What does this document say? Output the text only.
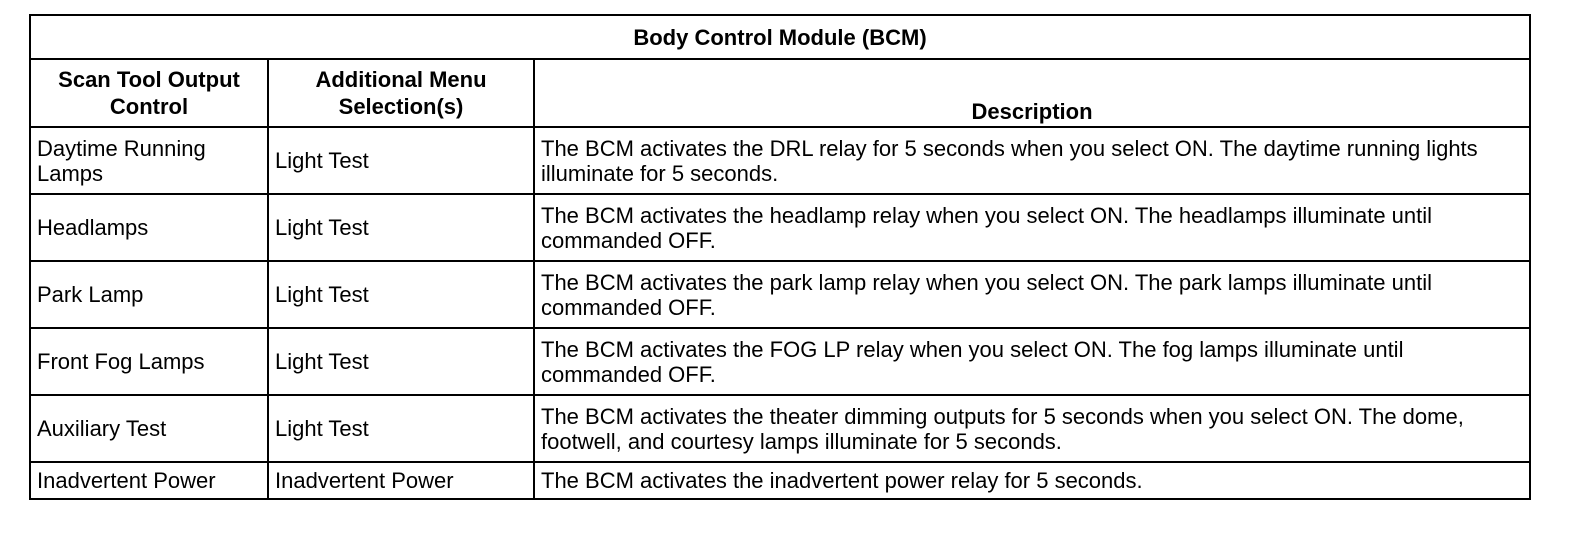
Body Control Module (BCM)		
Scan Tool Output Control	Additional Menu Selection(s)	Description
Daytime Running Lamps	Light Test	The BCM activates the DRL relay for 5 seconds when you select ON. The daytime running lights illuminate for 5 seconds.
Headlamps	Light Test	The BCM activates the headlamp relay when you select ON. The headlamps illuminate until commanded OFF.
Park Lamp	Light Test	The BCM activates the park lamp relay when you select ON. The park lamps illuminate until commanded OFF.
Front Fog Lamps	Light Test	The BCM activates the FOG LP relay when you select ON. The fog lamps illuminate until commanded OFF.
Auxiliary Test	Light Test	The BCM activates the theater dimming outputs for 5 seconds when you select ON. The dome, footwell, and courtesy lamps illuminate for 5 seconds.
Inadvertent Power	Inadvertent Power	The BCM activates the inadvertent power relay for 5 seconds.
